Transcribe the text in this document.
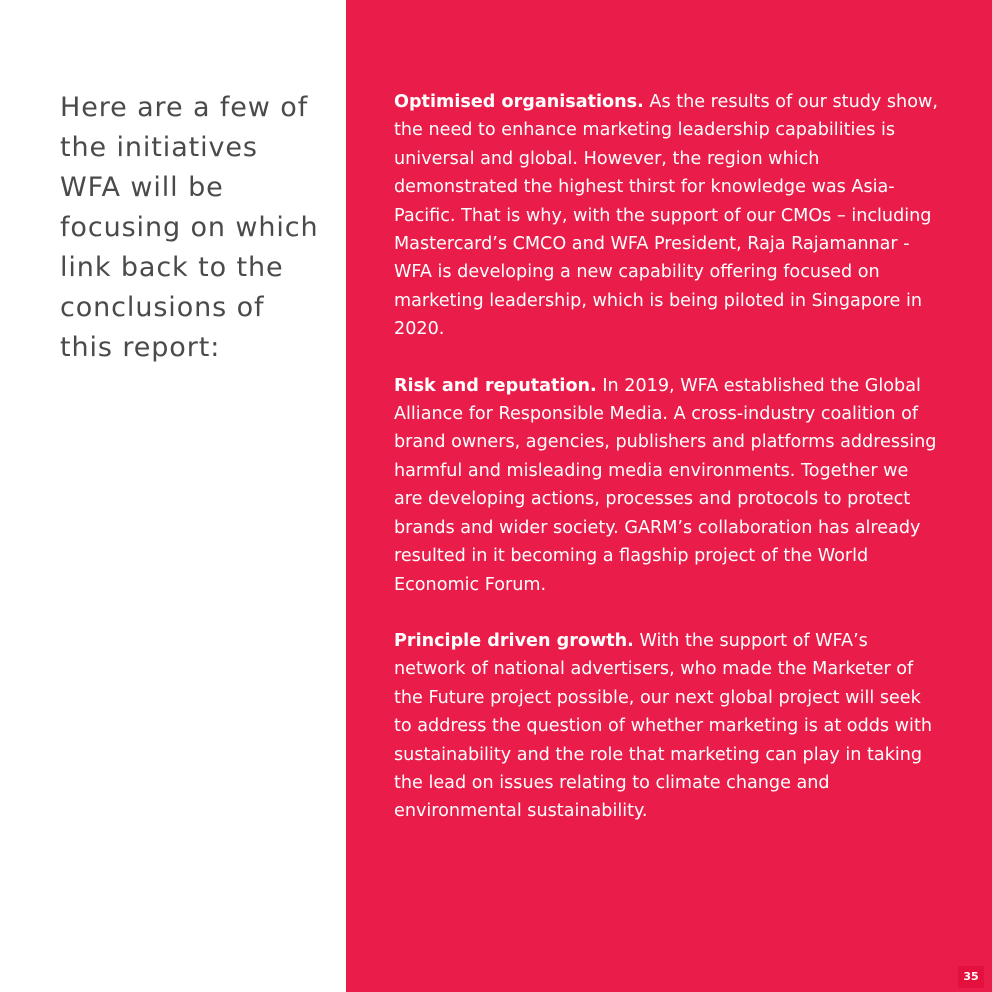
Here are a few of the initiatives WFA will be focusing on which link back to the conclusions of this report:

Optimised organisations. As the results of our study show, the need to enhance marketing leadership capabilities is universal and global. However, the region which demonstrated the highest thirst for knowledge was Asia-Pacific. That is why, with the support of our CMOs – including Mastercard’s CMCO and WFA President, Raja Rajamannar - WFA is developing a new capability offering focused on marketing leadership, which is being piloted in Singapore in 2020.

Risk and reputation. In 2019, WFA established the Global Alliance for Responsible Media. A cross-industry coalition of brand owners, agencies, publishers and platforms addressing harmful and misleading media environments. Together we are developing actions, processes and protocols to protect brands and wider society. GARM’s collaboration has already resulted in it becoming a flagship project of the World Economic Forum.

Principle driven growth. With the support of WFA’s network of national advertisers, who made the Marketer of the Future project possible, our next global project will seek to address the question of whether marketing is at odds with sustainability and the role that marketing can play in taking the lead on issues relating to climate change and environmental sustainability.

35
